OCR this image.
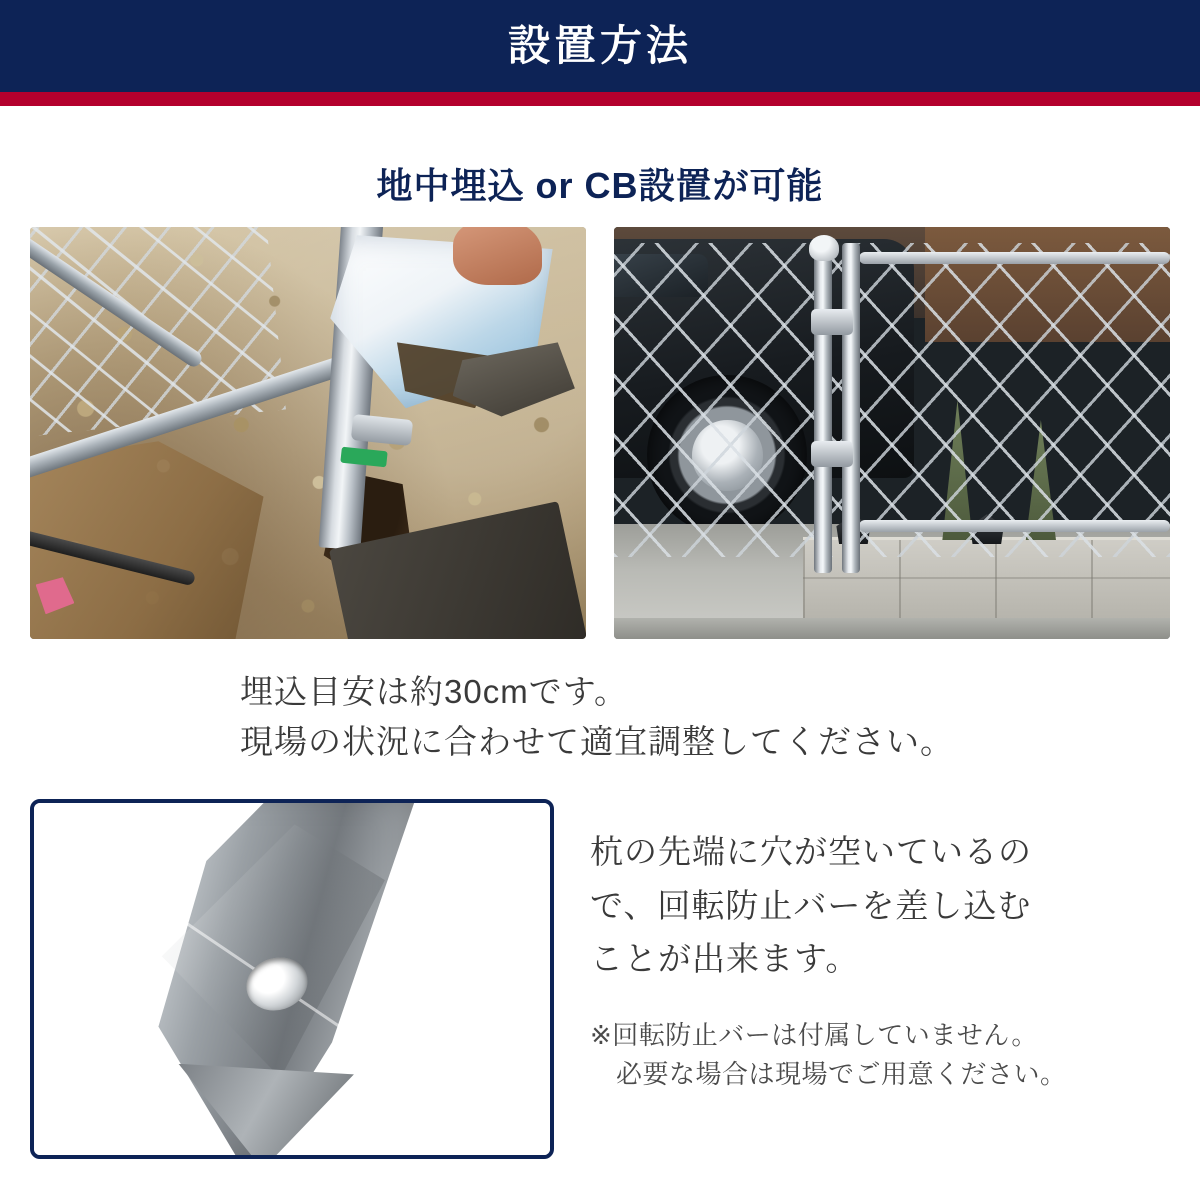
設置方法
地中埋込 or CB設置が可能
埋込目安は約30cmです。
現場の状況に合わせて適宜調整してください。
杭の先端に穴が空いているの
で、回転防止バーを差し込む
ことが出来ます。
※回転防止バーは付属していません。
必要な場合は現場でご用意ください。
